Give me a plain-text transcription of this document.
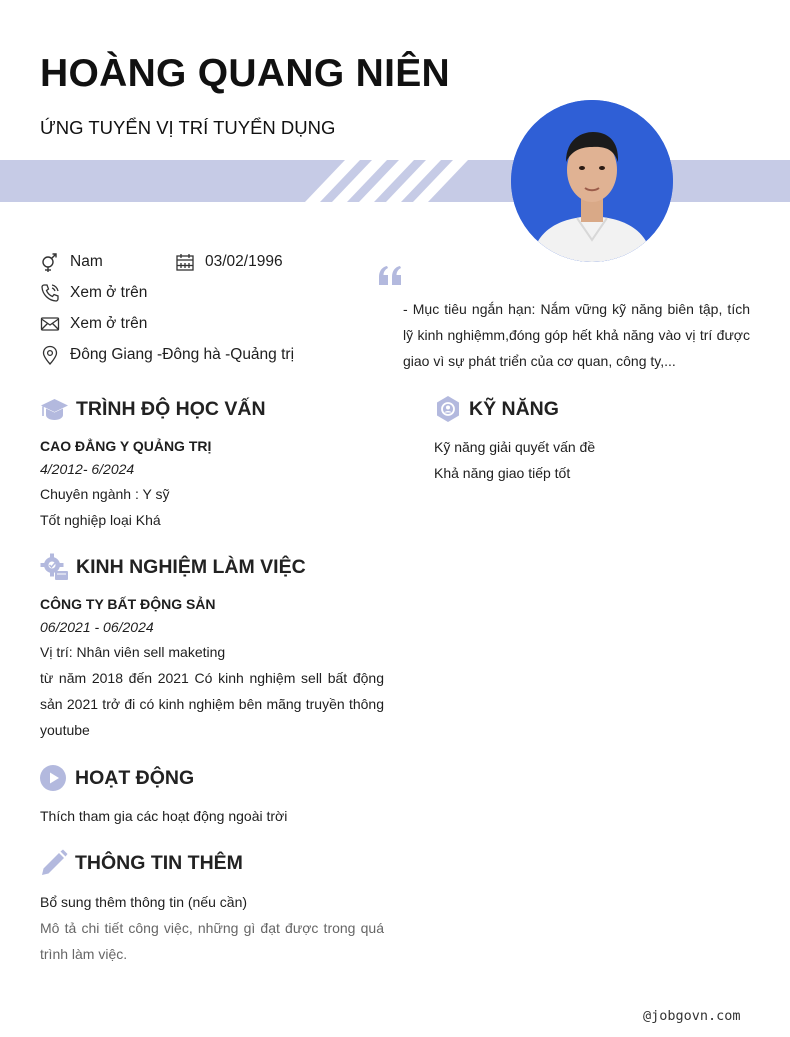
HOÀNG QUANG NIÊN
ỨNG TUYỂN VỊ TRÍ TUYỂN DỤNG
Nam	03/02/1996
Xem ở trên
Xem ở trên
Đông Giang -Đông hà -Quảng trị
- Mục tiêu ngắn hạn: Nắm vững kỹ năng biên tập, tích lỹ kinh nghiệmm,đóng góp hết khả năng vào vị trí được giao vì sự phát triển của cơ quan, công ty,...
TRÌNH ĐỘ HỌC VẤN
CAO ĐẲNG Y QUẢNG TRỊ
4/2012- 6/2024
Chuyên ngành : Y sỹ
Tốt nghiệp loại Khá
KINH NGHIỆM LÀM VIỆC
CÔNG TY BẤT ĐỘNG SẢN
06/2021 - 06/2024
Vị trí: Nhân viên sell maketing
từ năm 2018 đến 2021 Có kinh nghiệm sell bất động sản 2021 trở đi có kinh nghiệm bên mãng truyền thông youtube
HOẠT ĐỘNG
Thích tham gia các hoạt động ngoài trời
THÔNG TIN THÊM
Bổ sung thêm thông tin (nếu cần)
Mô tả chi tiết công việc, những gì đạt được trong quá trình làm việc.
KỸ NĂNG
Kỹ năng giải quyết vấn đề
Khả năng giao tiếp tốt
@jobgovn.com
